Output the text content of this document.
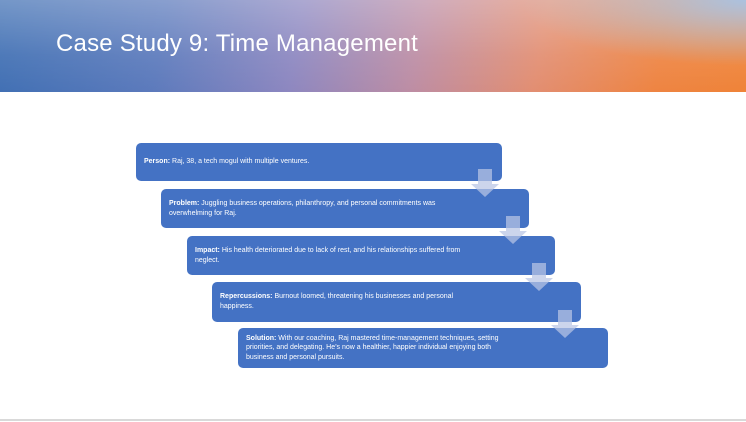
Case Study 9: Time Management

Person: Raj, 38, a tech mogul with multiple ventures.

Problem: Juggling business operations, philanthropy, and personal commitments was overwhelming for Raj.

Impact: His health deteriorated due to lack of rest, and his relationships suffered from neglect.

Repercussions: Burnout loomed, threatening his businesses and personal happiness.

Solution: With our coaching, Raj mastered time-management techniques, setting priorities, and delegating. He’s now a healthier, happier individual enjoying both business and personal pursuits.
